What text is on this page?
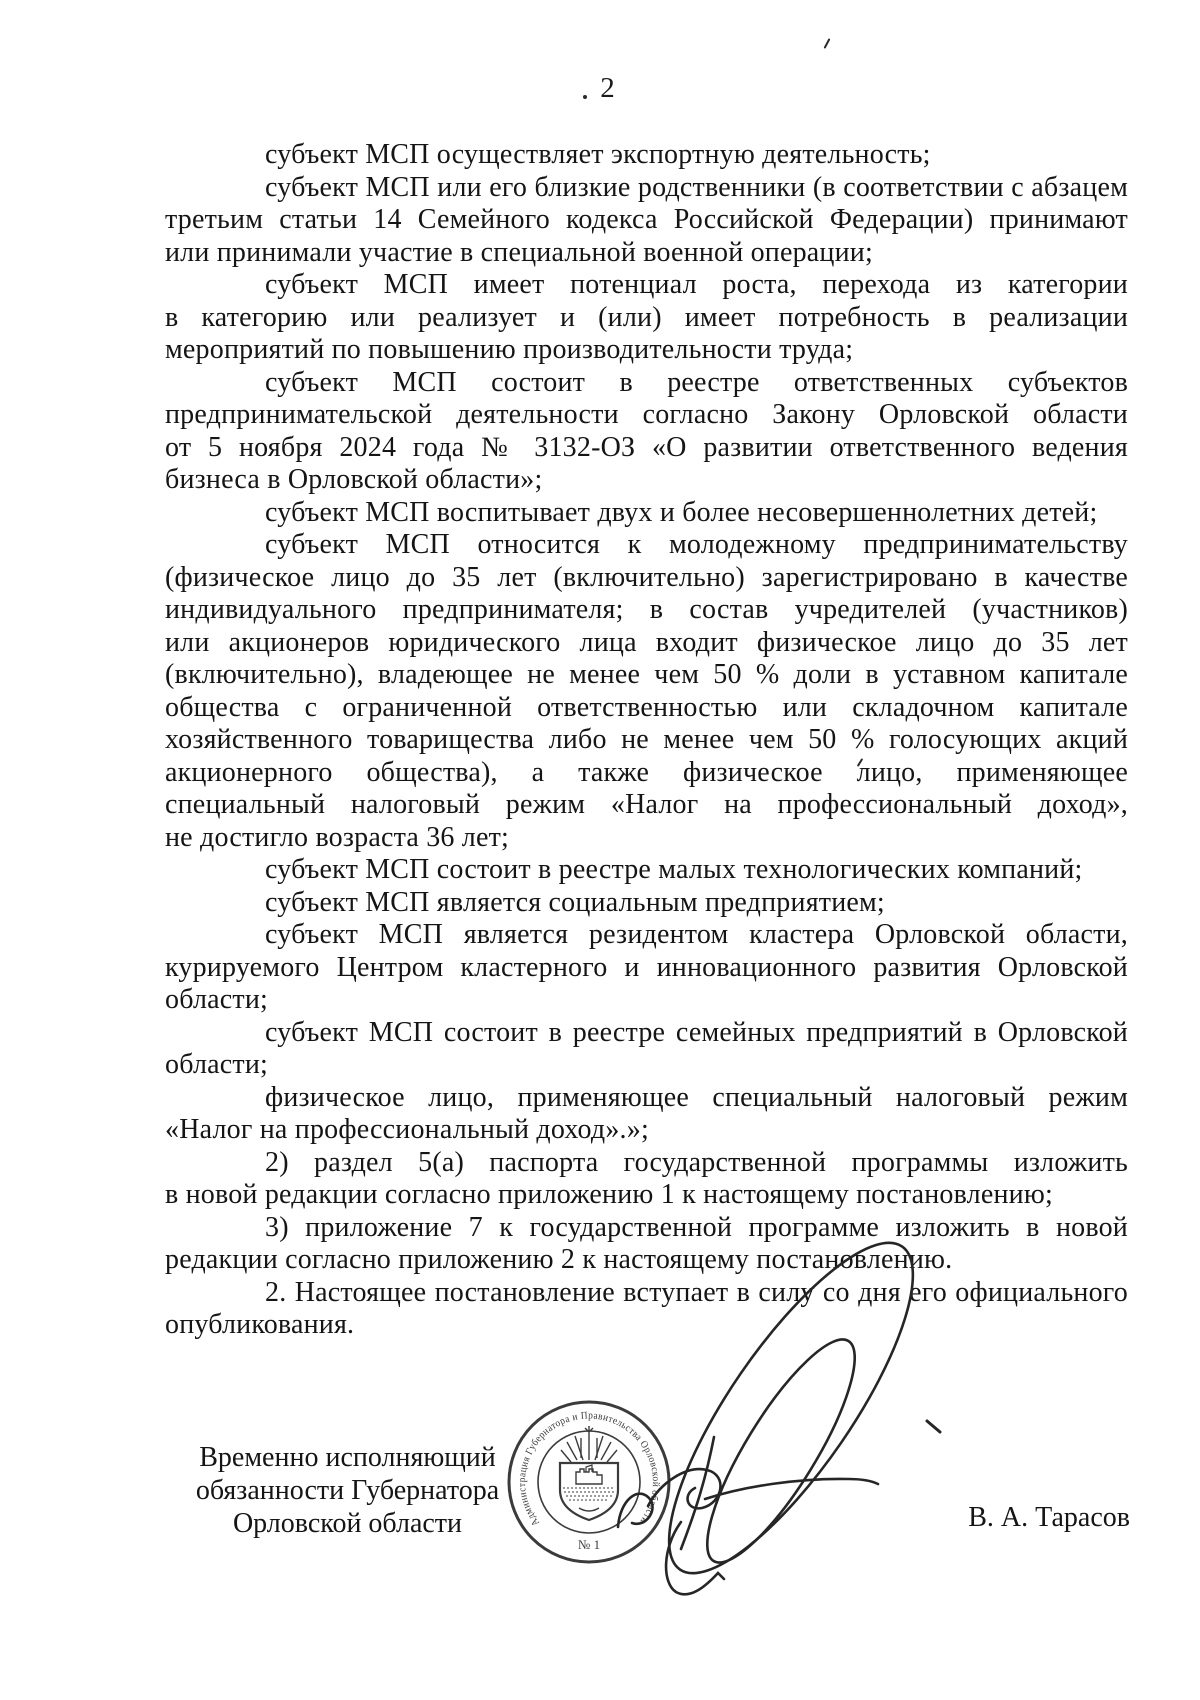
2
субъект МСП осуществляет экспортную деятельность;
субъект МСП или его близкие родственники (в соответствии с абзацем
третьим статьи 14 Семейного кодекса Российской Федерации) принимают
или принимали участие в специальной военной операции;
субъект МСП имеет потенциал роста, перехода из категории
в категорию или реализует и (или) имеет потребность в реализации
мероприятий по повышению производительности труда;
субъект МСП состоит в реестре ответственных субъектов
предпринимательской деятельности согласно Закону Орловской области
от 5 ноября 2024 года № 3132-ОЗ «О развитии ответственного ведения
бизнеса в Орловской области»;
субъект МСП воспитывает двух и более несовершеннолетних детей;
субъект МСП относится к молодежному предпринимательству
(физическое лицо до 35 лет (включительно) зарегистрировано в качестве
индивидуального предпринимателя; в состав учредителей (участников)
или акционеров юридического лица входит физическое лицо до 35 лет
(включительно), владеющее не менее чем 50 % доли в уставном капитале
общества с ограниченной ответственностью или складочном капитале
хозяйственного товарищества либо не менее чем 50 % голосующих акций
акционерного общества), а также физическое лицо, применяющее
специальный налоговый режим «Налог на профессиональный доход»,
не достигло возраста 36 лет;
субъект МСП состоит в реестре малых технологических компаний;
субъект МСП является социальным предприятием;
субъект МСП является резидентом кластера Орловской области,
курируемого Центром кластерного и инновационного развития Орловской
области;
субъект МСП состоит в реестре семейных предприятий в Орловской
области;
физическое лицо, применяющее специальный налоговый режим
«Налог на профессиональный доход».»;
2) раздел 5(а) паспорта государственной программы изложить
в новой редакции согласно приложению 1 к настоящему постановлению;
3) приложение 7 к государственной программе изложить в новой
редакции согласно приложению 2 к настоящему постановлению.
2. Настоящее постановление вступает в силу со дня его официального
опубликования.
Временно исполняющий
обязанности Губернатора
Орловской области	Администрация Губернатора и Правительства Орловской области
№ 1
В. А. Тарасов
